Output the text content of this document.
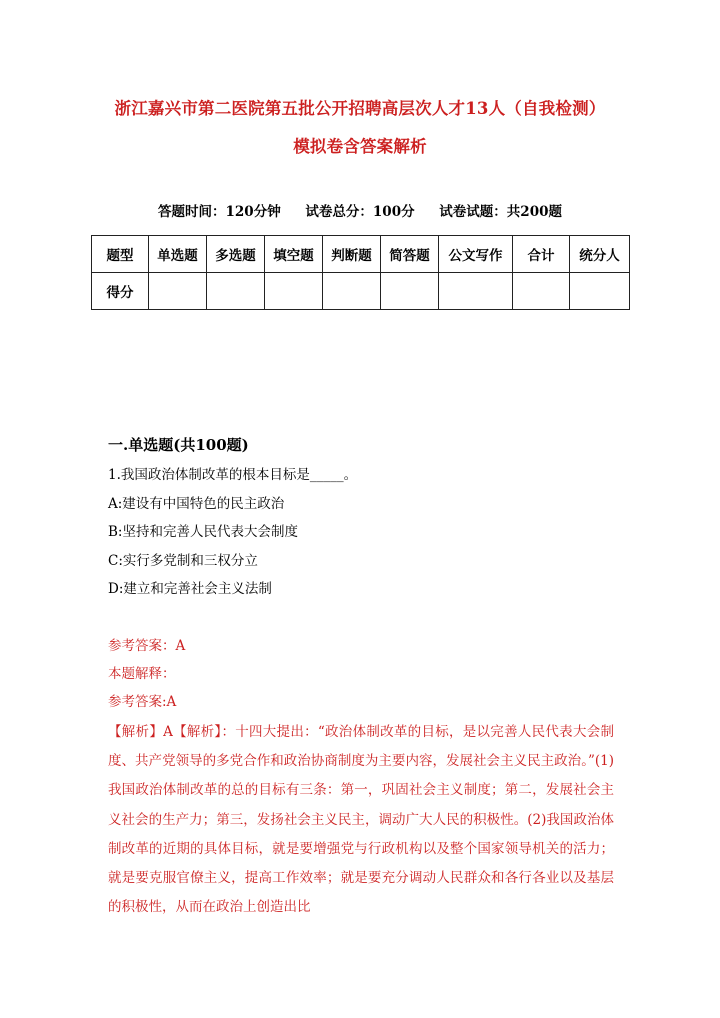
浙江嘉兴市第二医院第五批公开招聘高层次人才13人（自我检测）
模拟卷含答案解析
答题时间：120分钟 试卷总分：100分 试卷试题：共200题
题型	单选题	多选题	填空题	判断题	简答题	公文写作	合计	统分人
得分								
一.单选题(共100题)
1.我国政治体制改革的根本目标是_____。
A:建设有中国特色的民主政治
B:坚持和完善人民代表大会制度
C:实行多党制和三权分立
D:建立和完善社会主义法制
参考答案：A
本题解释：
参考答案:A
【解析】A【解析】：十四大提出：“政治体制改革的目标，是以完善人民代表大会制度、共产党领导的多党合作和政治协商制度为主要内容，发展社会主义民主政治。”(1)我国政治体制改革的总的目标有三条：第一，巩固社会主义制度；第二，发展社会主义社会的生产力；第三，发扬社会主义民主，调动广大人民的积极性。(2)我国政治体制改革的近期的具体目标，就是要增强党与行政机构以及整个国家领导机关的活力；就是要克服官僚主义，提高工作效率；就是要充分调动人民群众和各行各业以及基层的积极性，从而在政治上创造出比
